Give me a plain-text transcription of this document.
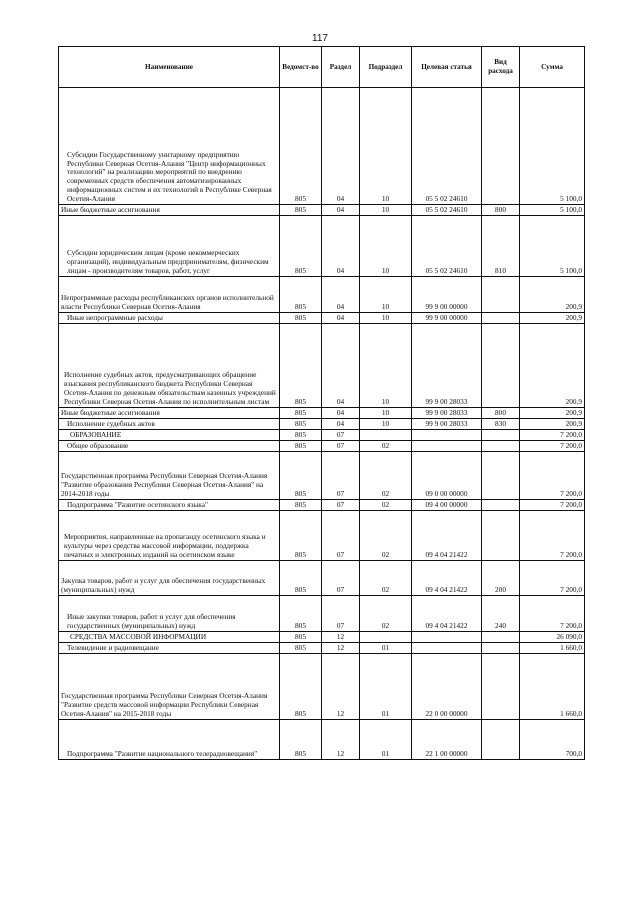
117
Наименование	Ведомст-во	Раздел	Подраздел	Целевая статья	Вид расхода	Сумма

Субсидии Государственному унитарному предприятию Республики Северная Осетия-Алания "Центр информационных технологий" на реализацию мероприятий по внедрению современных средств обеспечения автоматизированных информационных систем и их технологий в Республике Северная Осетия-Алания	805	04	10	05 5 02 24610		5 100,0

Иные бюджетные ассигнования	805	04	10	05 5 02 24610	800	5 100,0

Субсидии юридическим лицам (кроме некоммерческих организаций), индивидуальным предпринимателям, физическим лицам - производителям товаров, работ, услуг	805	04	10	05 5 02 24610	810	5 100,0

Непрограммные расходы республиканских органов исполнительной власти Республики Северная Осетия-Алания	805	04	10	99 9 00 00000		200,9

Иные непрограммные расходы	805	04	10	99 9 00 00000		200,9

Исполнение судебных актов, предусматривающих обращение взыскания республиканского бюджета Республики Северная Осетия-Алания по денежным обязательствам казенных учреждений Республики Северная Осетия-Алания по исполнительным листам	805	04	10	99 9 00 28033		200,9

Иные бюджетные ассигнования	805	04	10	99 9 00 28033	800	200,9

Исполнение судебных актов	805	04	10	99 9 00 28033	830	200,9

ОБРАЗОВАНИЕ	805	07				7 200,0

Общее образование	805	07	02			7 200,0

Государственная программа Республики Северная Осетия-Алания "Развитие образования Республики Северная Осетия-Алания" на 2014-2018 годы	805	07	02	09 0 00 00000		7 200,0

Подпрограмма "Развитие осетинского языка"	805	07	02	09 4 00 00000		7 200,0

Мероприятия, направленные на пропаганду осетинского языка и культуры через средства массовой информации, поддержка печатных и электронных изданий на осетинском языке	805	07	02	09 4 04 21422		7 200,0

Закупка товаров, работ и услуг для обеспечения государственных (муниципальных) нужд	805	07	02	09 4 04 21422	200	7 200,0

Иные закупки товаров, работ и услуг для обеспечения государственных (муниципальных) нужд	805	07	02	09 4 04 21422	240	7 200,0

СРЕДСТВА МАССОВОЙ ИНФОРМАЦИИ	805	12				26 090,0

Телевидение и радиовещание	805	12	01			1 660,0

Государственная программа Республики Северная Осетия-Алания "Развитие средств массовой информации Республики Северная Осетия-Алания" на 2015-2018 годы	805	12	01	22 0 00 00000		1 660,0

Подпрограмма "Развитие национального телерадиовещания"	805	12	01	22 1 00 00000		700,0
